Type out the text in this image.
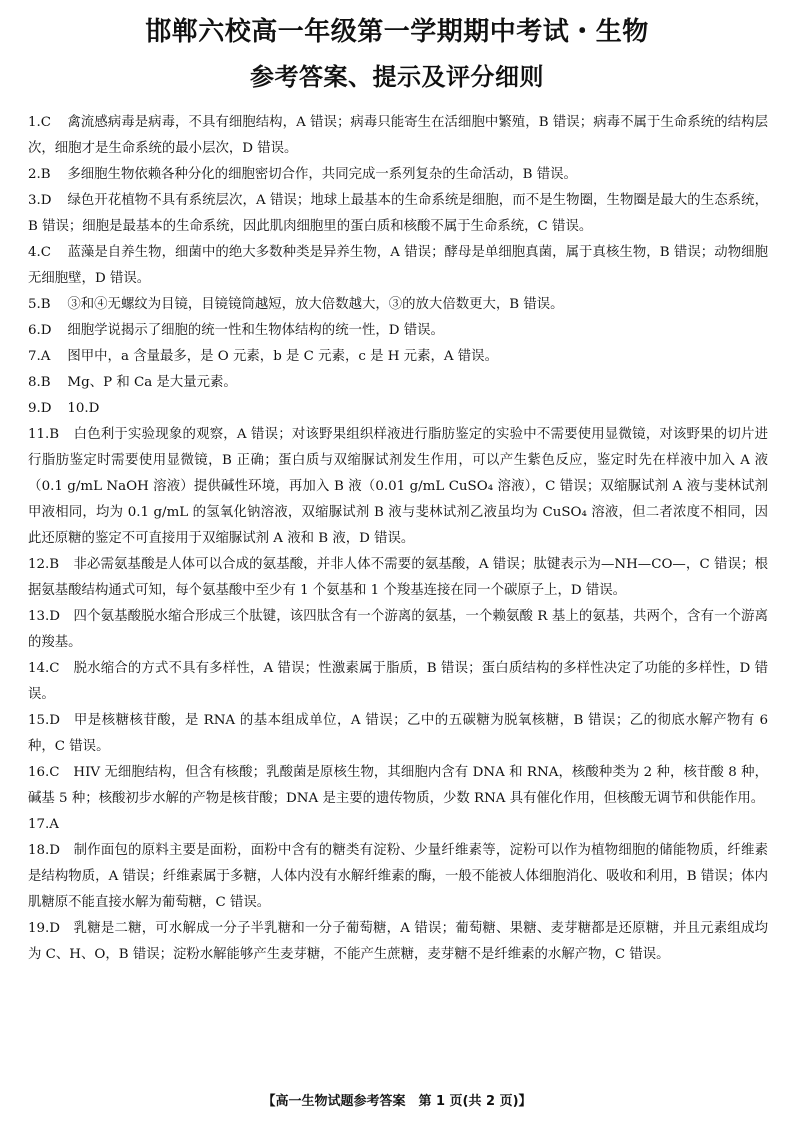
邯郸六校高一年级第一学期期中考试・生物
参考答案、提示及评分细则

1.C  禽流感病毒是病毒，不具有细胞结构，A 错误；病毒只能寄生在活细胞中繁殖，B 错误；病毒不属于生命系统的结构层次，细胞才是生命系统的最小层次，D 错误。

2.B  多细胞生物依赖各种分化的细胞密切合作，共同完成一系列复杂的生命活动，B 错误。

3.D  绿色开花植物不具有系统层次，A 错误；地球上最基本的生命系统是细胞，而不是生物圈，生物圈是最大的生态系统，B 错误；细胞是最基本的生命系统，因此肌肉细胞里的蛋白质和核酸不属于生命系统，C 错误。

4.C  蓝藻是自养生物，细菌中的绝大多数种类是异养生物，A 错误；酵母是单细胞真菌，属于真核生物，B 错误；动物细胞无细胞壁，D 错误。

5.B  ③和④无螺纹为目镜，目镜镜筒越短，放大倍数越大，③的放大倍数更大，B 错误。

6.D  细胞学说揭示了细胞的统一性和生物体结构的统一性，D 错误。

7.A  图甲中，a 含量最多，是 O 元素，b 是 C 元素，c 是 H 元素，A 错误。

8.B  Mg、P 和 Ca 是大量元素。

9.D  10.D

11.B  白色利于实验现象的观察，A 错误；对该野果组织样液进行脂肪鉴定的实验中不需要使用显微镜，对该野果的切片进行脂肪鉴定时需要使用显微镜，B 正确；蛋白质与双缩脲试剂发生作用，可以产生紫色反应，鉴定时先在样液中加入 A 液（0.1 g/mL NaOH 溶液）提供碱性环境，再加入 B 液（0.01 g/mL CuSO₄ 溶液），C 错误；双缩脲试剂 A 液与斐林试剂甲液相同，均为 0.1 g/mL 的氢氧化钠溶液，双缩脲试剂 B 液与斐林试剂乙液虽均为 CuSO₄ 溶液，但二者浓度不相同，因此还原糖的鉴定不可直接用于双缩脲试剂 A 液和 B 液，D 错误。

12.B  非必需氨基酸是人体可以合成的氨基酸，并非人体不需要的氨基酸，A 错误；肽键表示为—NH—CO—，C 错误；根据氨基酸结构通式可知，每个氨基酸中至少有 1 个氨基和 1 个羧基连接在同一个碳原子上，D 错误。

13.D  四个氨基酸脱水缩合形成三个肽键，该四肽含有一个游离的氨基，一个赖氨酸 R 基上的氨基，共两个，含有一个游离的羧基。

14.C  脱水缩合的方式不具有多样性，A 错误；性激素属于脂质，B 错误；蛋白质结构的多样性决定了功能的多样性，D 错误。

15.D  甲是核糖核苷酸，是 RNA 的基本组成单位，A 错误；乙中的五碳糖为脱氧核糖，B 错误；乙的彻底水解产物有 6 种，C 错误。

16.C  HIV 无细胞结构，但含有核酸；乳酸菌是原核生物，其细胞内含有 DNA 和 RNA，核酸种类为 2 种，核苷酸 8 种，碱基 5 种；核酸初步水解的产物是核苷酸；DNA 是主要的遗传物质，少数 RNA 具有催化作用，但核酸无调节和供能作用。

17.A 

18.D  制作面包的原料主要是面粉，面粉中含有的糖类有淀粉、少量纤维素等，淀粉可以作为植物细胞的储能物质，纤维素是结构物质，A 错误；纤维素属于多糖，人体内没有水解纤维素的酶，一般不能被人体细胞消化、吸收和利用，B 错误；体内肌糖原不能直接水解为葡萄糖，C 错误。

19.D  乳糖是二糖，可水解成一分子半乳糖和一分子葡萄糖，A 错误；葡萄糖、果糖、麦芽糖都是还原糖，并且元素组成均为 C、H、O，B 错误；淀粉水解能够产生麦芽糖，不能产生蔗糖，麦芽糖不是纤维素的水解产物，C 错误。

【高一生物试题参考答案　第 1 页(共 2 页)】
